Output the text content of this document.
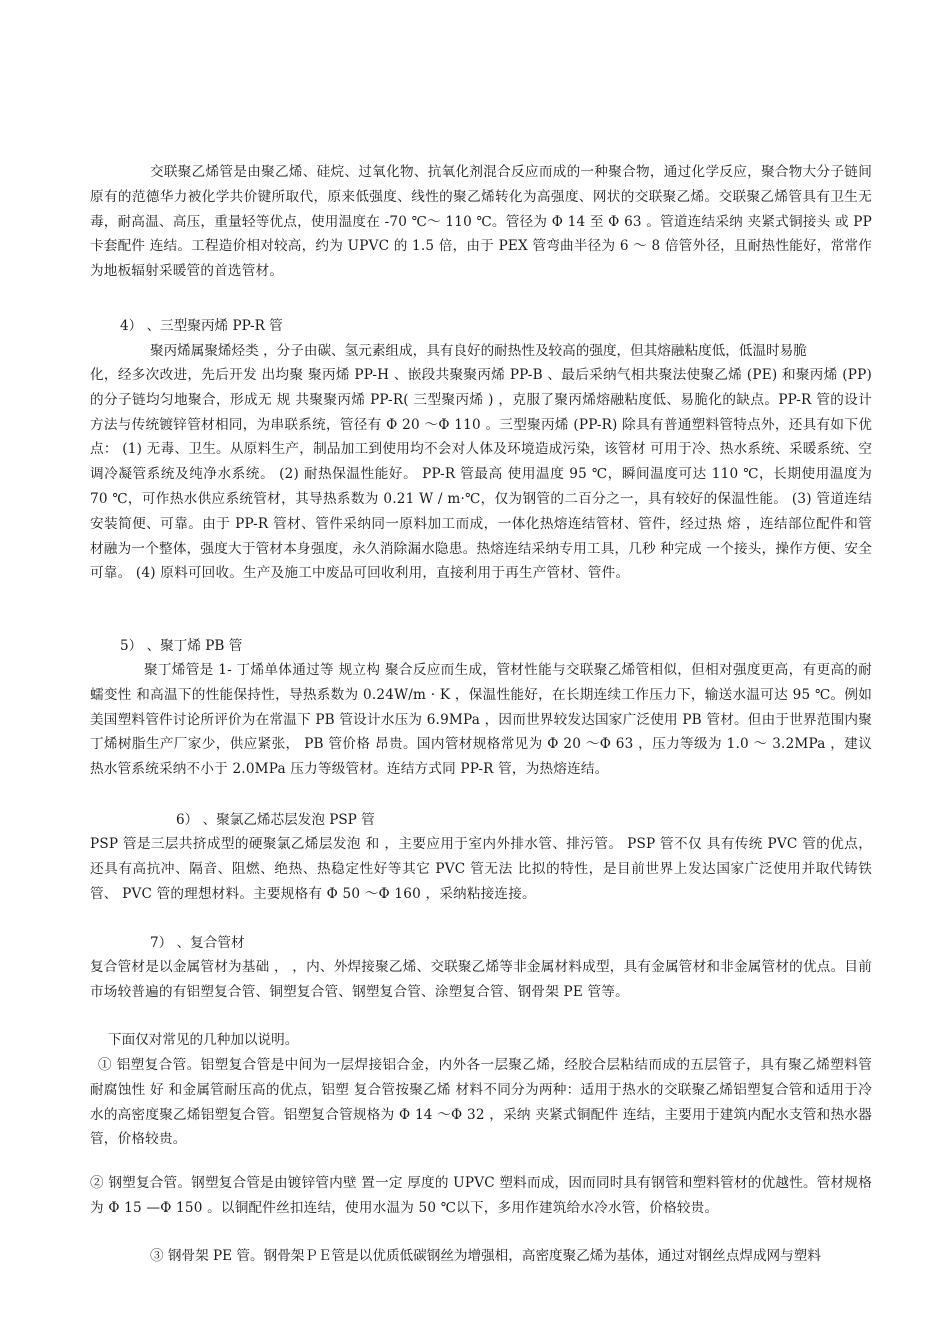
交联聚乙烯管是由聚乙烯、硅烷、过氧化物、抗氧化剂混合反应而成的一种聚合物，通过化学反应，聚合物大分子链间原有的范德华力被化学共价键所取代，原来低强度、线性的聚乙烯转化为高强度、网状的交联聚乙烯。交联聚乙烯管具有卫生无毒，耐高温、高压，重量轻等优点，使用温度在 -70 ℃～ 110 ℃。管径为 Φ 14 至 Φ 63 。管道连结采纳 夹紧式铜接头 或 PP 卡套配件 连结。工程造价相对较高，约为 UPVC 的 1.5 倍，由于 PEX 管弯曲半径为 6 ～ 8 倍管外径，且耐热性能好，常常作为地板辐射采暖管的首选管材。

4） 、三型聚丙烯 PP-R 管
聚丙烯属聚烯烃类 ，分子由碳、氢元素组成，具有良好的耐热性及较高的强度，但其熔融粘度低，低温时易脆

化，经多次改进，先后开发 出均聚 聚丙烯 PP-H 、嵌段共聚聚丙烯 PP-B 、最后采纳气相共聚法使聚乙烯 (PE) 和聚丙烯 (PP) 的分子链均匀地聚合，形成无 规 共聚聚丙烯 PP-R( 三型聚丙烯 ) ，克服了聚丙烯熔融粘度低、易脆化的缺点。PP-R 管的设计方法与传统镀锌管材相同，为串联系统，管径有 Φ 20 ～Φ 110 。三型聚丙烯 (PP-R) 除具有普通塑料管特点外，还具有如下优点： (1) 无毒、卫生。从原料生产，制品加工到使用均不会对人体及环境造成污染，该管材 可用于冷、热水系统、采暖系统、空调冷凝管系统及纯净水系统。 (2) 耐热保温性能好。 PP-R 管最高 使用温度 95 ℃，瞬间温度可达 110 ℃，长期使用温度为 70 ℃，可作热水供应系统管材，其导热系数为 0.21 W / m·℃，仅为钢管的二百分之一，具有较好的保温性能。 (3) 管道连结安装简便、可靠。由于 PP-R 管材、管件采纳同一原料加工而成，一体化热熔连结管材、管件，经过热 熔 ，连结部位配件和管材融为一个整体，强度大于管材本身强度，永久消除漏水隐患。热熔连结采纳专用工具，几秒 种完成 一个接头，操作方便、安全可靠。 (4) 原料可回收。生产及施工中废品可回收利用，直接利用于再生产管材、管件。

5） 、聚丁烯 PB 管

聚丁烯管是 1- 丁烯单体通过等 规立构 聚合反应而生成，管材性能与交联聚乙烯管相似，但相对强度更高，有更高的耐 蠕变性 和高温下的性能保持性，导热系数为 0.24W/m · K ，保温性能好，在长期连续工作压力下，输送水温可达 95 ℃。例如美国塑料管件讨论所评价为在常温下 PB 管设计水压为 6.9MPa ，因而世界较发达国家广泛使用 PB 管材。但由于世界范围内聚丁烯树脂生产厂家少，供应紧张， PB 管价格 昂贵。国内管材规格常见为 Φ 20 ～Φ 63 ，压力等级为 1.0 ～ 3.2MPa ，建议热水管系统采纳不小于 2.0MPa 压力等级管材。连结方式同 PP-R 管，为热熔连结。

6） 、聚氯乙烯芯层发泡 PSP 管

PSP 管是三层共挤成型的硬聚氯乙烯层发泡 和 ，主要应用于室内外排水管、排污管。 PSP 管不仅 具有传统 PVC 管的优点，还具有高抗冲、隔音、阻燃、绝热、热稳定性好等其它 PVC 管无法 比拟的特性，是目前世界上发达国家广泛使用并取代铸铁管、 PVC 管的理想材料。主要规格有 Φ 50 ～Φ 160 ，采纳粘接连接。

7） 、复合管材

复合管材是以金属管材为基础 ， ，内、外焊接聚乙烯、交联聚乙烯等非金属材料成型，具有金属管材和非金属管材的优点。目前市场较普遍的有铝塑复合管、铜塑复合管、钢塑复合管、涂塑复合管、钢骨架 PE 管等。

下面仅对常见的几种加以说明。

① 铝塑复合管。铝塑复合管是中间为一层焊接铝合金，内外各一层聚乙烯，经胶合层粘结而成的五层管子，具有聚乙烯塑料管耐腐蚀性 好 和金属管耐压高的优点，铝塑 复合管按聚乙烯 材料不同分为两种：适用于热水的交联聚乙烯铝塑复合管和适用于冷水的高密度聚乙烯铝塑复合管。铝塑复合管规格为 Φ 14 ～Φ 32 ，采纳 夹紧式铜配件 连结，主要用于建筑内配水支管和热水器管，价格较贵。

② 钢塑复合管。钢塑复合管是由镀锌管内壁 置一定 厚度的 UPVC 塑料而成，因而同时具有钢管和塑料管材的优越性。管材规格为 Φ 15 —Φ 150 。以铜配件丝扣连结，使用水温为 50 ℃以下，多用作建筑给水冷水管，价格较贵。

③ 钢骨架 PE 管。钢骨架ＰＥ管是以优质低碳钢丝为增强相，高密度聚乙烯为基体，通过对钢丝点焊成网与塑料
